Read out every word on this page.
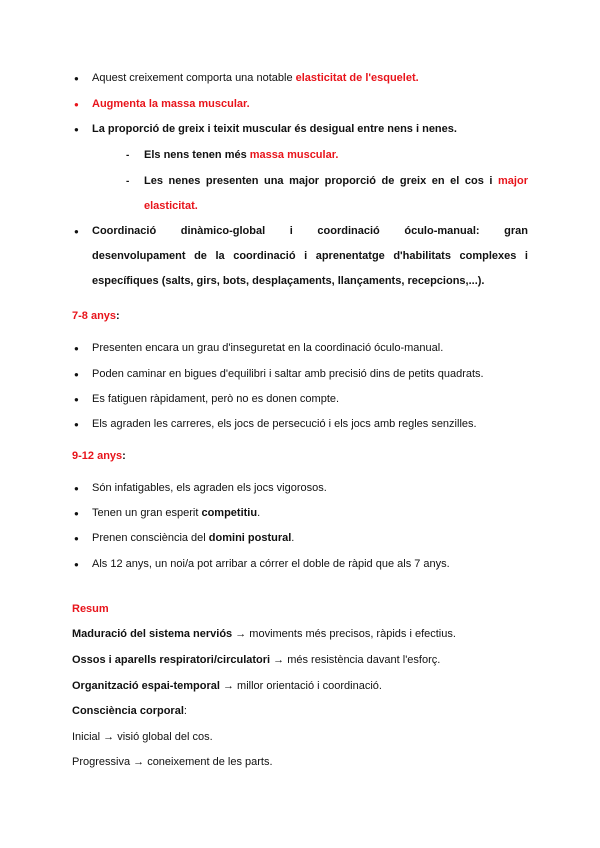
● Aquest creixement comporta una notable elasticitat de l'esquelet.
● Augmenta la massa muscular.
● La proporció de greix i teixit muscular és desigual entre nens i nenes.
- Els nens tenen més massa muscular.
- Les nenes presenten una major proporció de greix en el cos i major
elasticitat.
● Coordinació dinàmico-global i coordinació óculo-manual: gran
desenvolupament de la coordinació i aprenentatge d'habilitats complexes i
específiques (salts, girs, bots, desplaçaments, llançaments, recepcions,...).
7-8 anys:
● Presenten encara un grau d'inseguretat en la coordinació óculo-manual.
● Poden caminar en bigues d'equilibri i saltar amb precisió dins de petits quadrats.
● Es fatiguen ràpidament, però no es donen compte.
● Els agraden les carreres, els jocs de persecució i els jocs amb regles senzilles.
9-12 anys:
● Són infatigables, els agraden els jocs vigorosos.
● Tenen un gran esperit competitiu.
● Prenen consciència del domini postural.
● Als 12 anys, un noi/a pot arribar a córrer el doble de ràpid que als 7 anys.
Resum
Maduració del sistema nerviós → moviments més precisos, ràpids i efectius.
Ossos i aparells respiratori/circulatori → més resistència davant l'esforç.
Organització espai-temporal → millor orientació i coordinació.
Consciència corporal:
Inicial → visió global del cos.
Progressiva → coneixement de les parts.
